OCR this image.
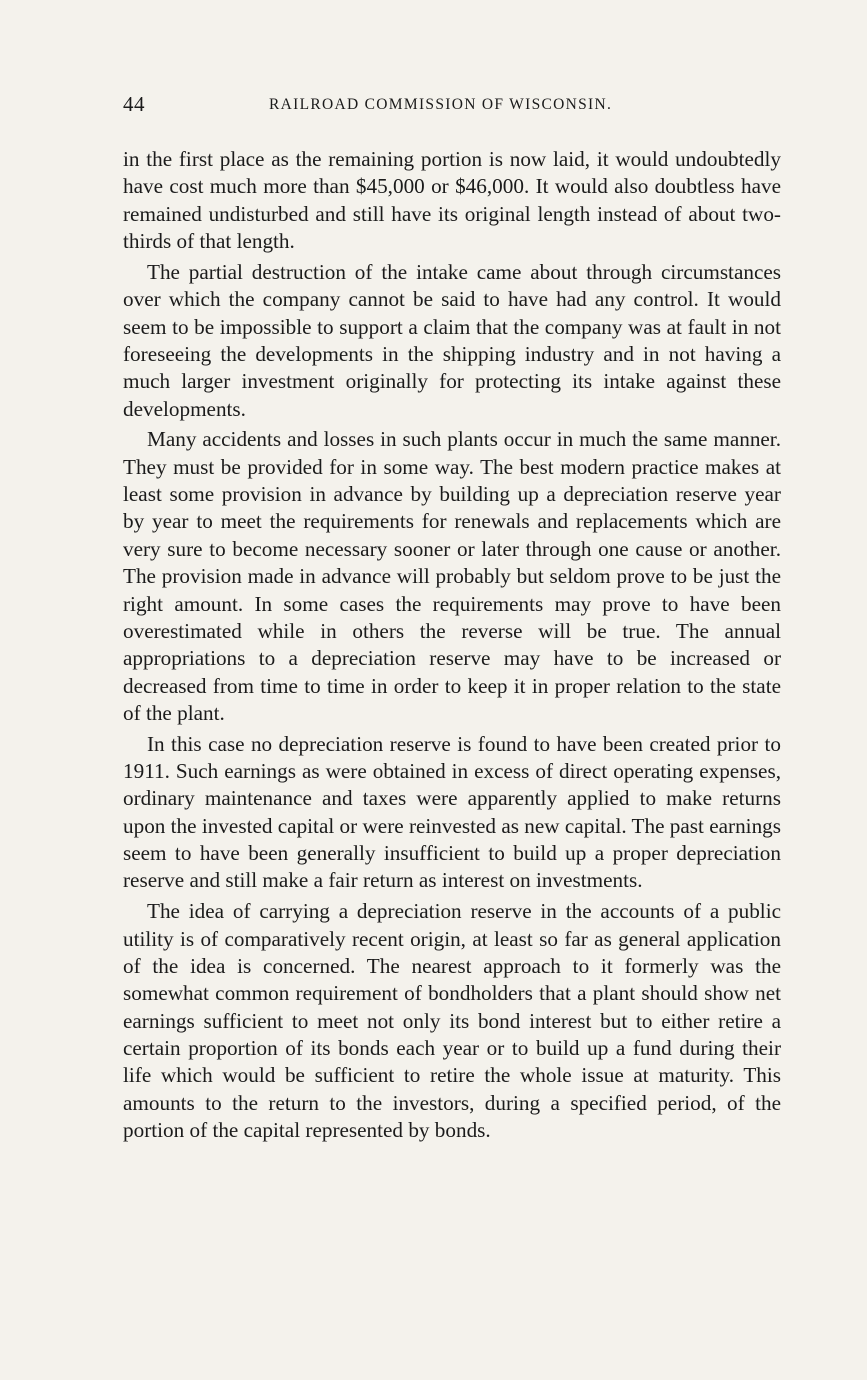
44	RAILROAD COMMISSION OF WISCONSIN.

in the first place as the remaining portion is now laid, it would undoubtedly have cost much more than $45,000 or $46,000. It would also doubtless have remained undisturbed and still have its original length instead of about two-thirds of that length.

The partial destruction of the intake came about through circumstances over which the company cannot be said to have had any control. It would seem to be impossible to support a claim that the company was at fault in not foreseeing the developments in the shipping industry and in not having a much larger investment originally for protecting its intake against these developments.

Many accidents and losses in such plants occur in much the same manner. They must be provided for in some way. The best modern practice makes at least some provision in advance by building up a depreciation reserve year by year to meet the requirements for renewals and replacements which are very sure to become necessary sooner or later through one cause or another. The provision made in advance will probably but seldom prove to be just the right amount. In some cases the requirements may prove to have been overestimated while in others the reverse will be true. The annual appropriations to a depreciation reserve may have to be increased or decreased from time to time in order to keep it in proper relation to the state of the plant.

In this case no depreciation reserve is found to have been created prior to 1911. Such earnings as were obtained in excess of direct operating expenses, ordinary maintenance and taxes were apparently applied to make returns upon the invested capital or were reinvested as new capital. The past earnings seem to have been generally insufficient to build up a proper depreciation reserve and still make a fair return as interest on investments.

The idea of carrying a depreciation reserve in the accounts of a public utility is of comparatively recent origin, at least so far as general application of the idea is concerned. The nearest approach to it formerly was the somewhat common requirement of bondholders that a plant should show net earnings sufficient to meet not only its bond interest but to either retire a certain proportion of its bonds each year or to build up a fund during their life which would be sufficient to retire the whole issue at maturity. This amounts to the return to the investors, during a specified period, of the portion of the capital represented by bonds.
